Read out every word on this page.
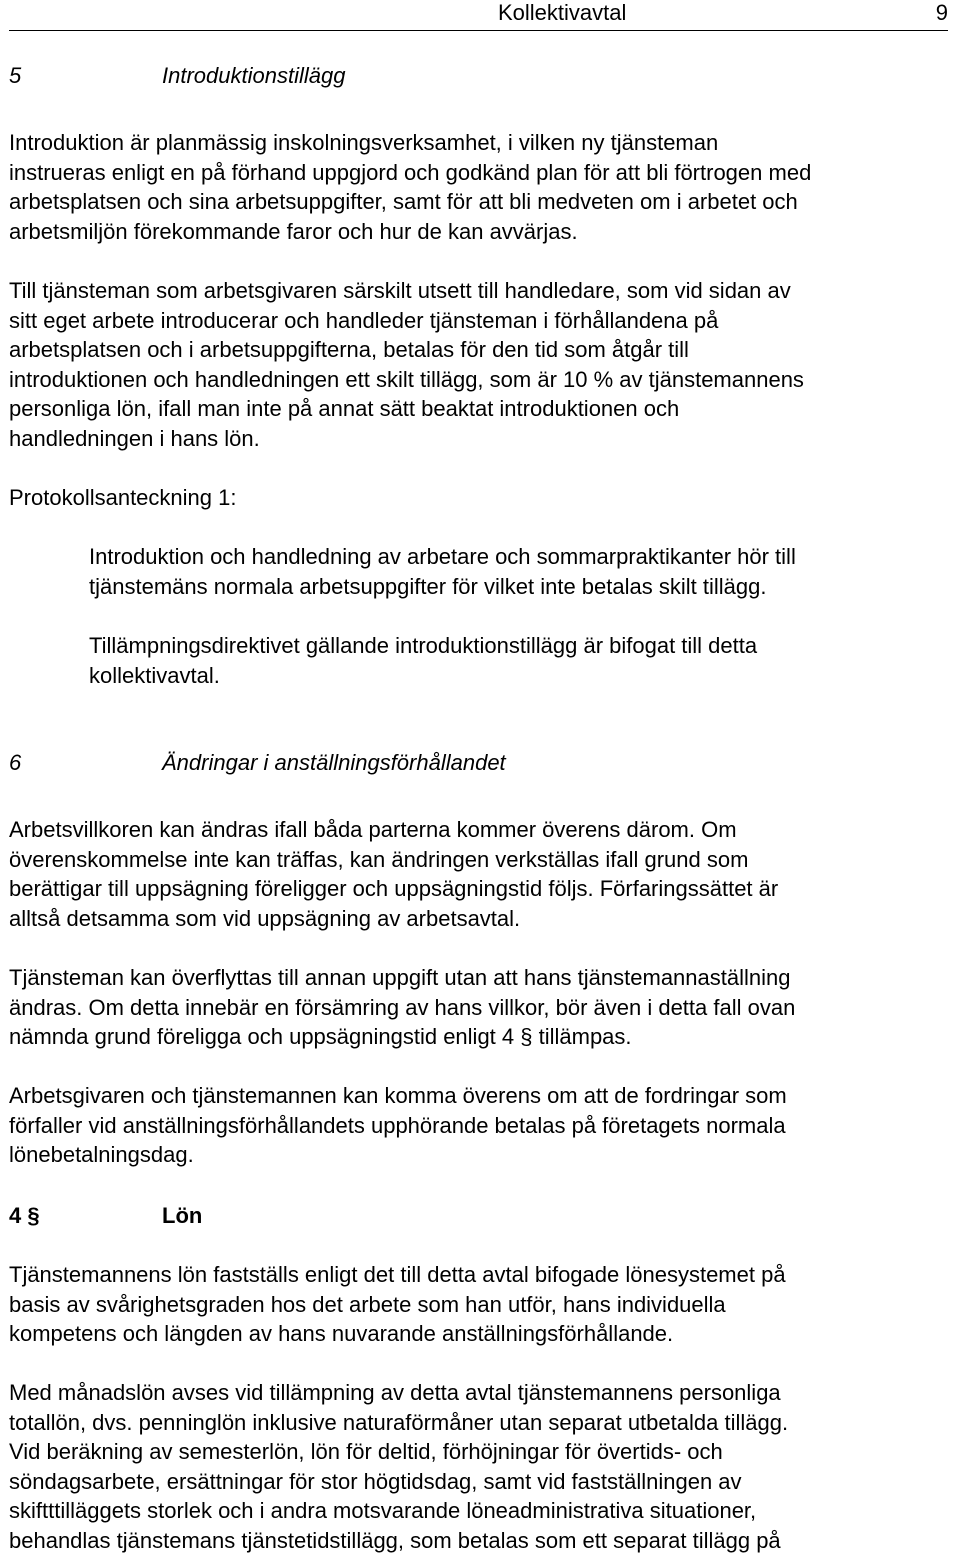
Kollektivavtal	9
5	Introduktionstillägg

Introduktion är planmässig inskolningsverksamhet, i vilken ny tjänsteman
instrueras enligt en på förhand uppgjord och godkänd plan för att bli förtrogen med
arbetsplatsen och sina arbetsuppgifter, samt för att bli medveten om i arbetet och
arbetsmiljön förekommande faror och hur de kan avvärjas.

Till tjänsteman som arbetsgivaren särskilt utsett till handledare, som vid sidan av
sitt eget arbete introducerar och handleder tjänsteman i förhållandena på
arbetsplatsen och i arbetsuppgifterna, betalas för den tid som åtgår till
introduktionen och handledningen ett skilt tillägg, som är 10 % av tjänstemannens
personliga lön, ifall man inte på annat sätt beaktat introduktionen och
handledningen i hans lön.

Protokollsanteckning 1:

Introduktion och handledning av arbetare och sommarpraktikanter hör till
tjänstemäns normala arbetsuppgifter för vilket inte betalas skilt tillägg.

Tillämpningsdirektivet gällande introduktionstillägg är bifogat till detta
kollektivavtal.

6	Ändringar i anställningsförhållandet

Arbetsvillkoren kan ändras ifall båda parterna kommer överens därom. Om
överenskommelse inte kan träffas, kan ändringen verkställas ifall grund som
berättigar till uppsägning föreligger och uppsägningstid följs. Förfaringssättet är
alltså detsamma som vid uppsägning av arbetsavtal.

Tjänsteman kan överflyttas till annan uppgift utan att hans tjänstemannaställning
ändras. Om detta innebär en försämring av hans villkor, bör även i detta fall ovan
nämnda grund föreligga och uppsägningstid enligt 4 § tillämpas.

Arbetsgivaren och tjänstemannen kan komma överens om att de fordringar som
förfaller vid anställningsförhållandets upphörande betalas på företagets normala
lönebetalningsdag.

4 §	Lön

Tjänstemannens lön fastställs enligt det till detta avtal bifogade lönesystemet på
basis av svårighetsgraden hos det arbete som han utför, hans individuella
kompetens och längden av hans nuvarande anställningsförhållande.

Med månadslön avses vid tillämpning av detta avtal tjänstemannens personliga
totallön, dvs. penninglön inklusive naturaförmåner utan separat utbetalda tillägg.
Vid beräkning av semesterlön, lön för deltid, förhöjningar för övertids- och
söndagsarbete, ersättningar för stor högtidsdag, samt vid fastställningen av
skiftttilläggets storlek och i andra motsvarande löneadministrativa situationer,
behandlas tjänstemans tjänstetidstillägg, som betalas som ett separat tillägg på
